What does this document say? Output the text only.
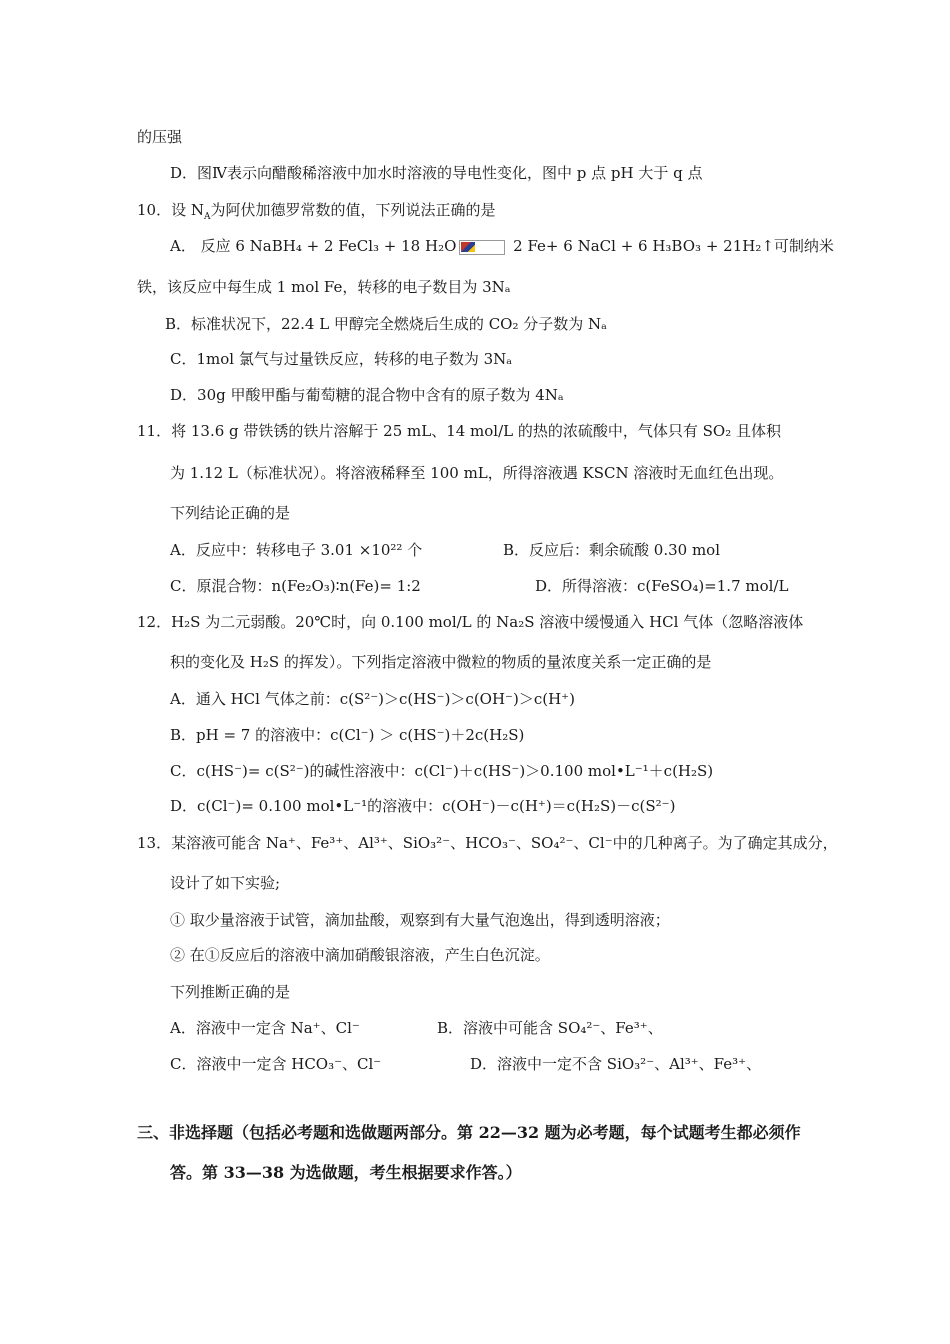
的压强
D．图Ⅳ表示向醋酸稀溶液中加水时溶液的导电性变化，图中 p 点 pH 大于 q 点
10．设 $N_A$为阿伏加德罗常数的值，下列说法正确的是
A． 反应 6 NaBH₄ + 2 FeCl₃ + 18 H₂O	2 Fe+ 6 NaCl + 6 H₃BO₃ + 21H₂↑可制纳米
铁，该反应中每生成 1 mol Fe，转移的电子数目为 3Nₐ
B．标准状况下，22.4 L 甲醇完全燃烧后生成的 CO₂ 分子数为 Nₐ
C．1mol 氯气与过量铁反应，转移的电子数为 3Nₐ
D．30g 甲酸甲酯与葡萄糖的混合物中含有的原子数为 4Nₐ
11．将 13.6 g 带铁锈的铁片溶解于 25 mL、14 mol/L 的热的浓硫酸中，气体只有 SO₂ 且体积
为 1.12 L（标准状况）。将溶液稀释至 100 mL，所得溶液遇 KSCN 溶液时无血红色出现。
下列结论正确的是
A．反应中：转移电子 3.01 ×10²² 个	B．反应后：剩余硫酸 0.30 mol
C．原混合物：n(Fe₂O₃)∶n(Fe)= 1:2	D．所得溶液：c(FeSO₄)=1.7 mol/L
12．H₂S 为二元弱酸。20℃时，向 0.100 mol/L 的 Na₂S 溶液中缓慢通入 HCl 气体（忽略溶液体
积的变化及 H₂S 的挥发）。下列指定溶液中微粒的物质的量浓度关系一定正确的是
A．通入 HCl 气体之前：c(S²⁻)＞c(HS⁻)＞c(OH⁻)＞c(H⁺)
B．pH = 7 的溶液中：c(Cl⁻) ＞ c(HS⁻)＋2c(H₂S)
C．c(HS⁻)= c(S²⁻)的碱性溶液中：c(Cl⁻)＋c(HS⁻)＞0.100 mol•L⁻¹＋c(H₂S)
D．c(Cl⁻)= 0.100 mol•L⁻¹的溶液中：c(OH⁻)－c(H⁺)＝c(H₂S)－c(S²⁻)
13．某溶液可能含 Na⁺、Fe³⁺、Al³⁺、SiO₃²⁻、HCO₃⁻、SO₄²⁻、Cl⁻中的几种离子。为了确定其成分，
设计了如下实验;
① 取少量溶液于试管，滴加盐酸，观察到有大量气泡逸出，得到透明溶液；
② 在①反应后的溶液中滴加硝酸银溶液，产生白色沉淀。
下列推断正确的是
A．溶液中一定含 Na⁺、Cl⁻	B．溶液中可能含 SO₄²⁻、Fe³⁺、
C．溶液中一定含 HCO₃⁻、Cl⁻	D．溶液中一定不含 SiO₃²⁻、Al³⁺、Fe³⁺、
三、非选择题（包括必考题和选做题两部分。第 22—32 题为必考题，每个试题考生都必须作
答。第 33—38 为选做题，考生根据要求作答。）
